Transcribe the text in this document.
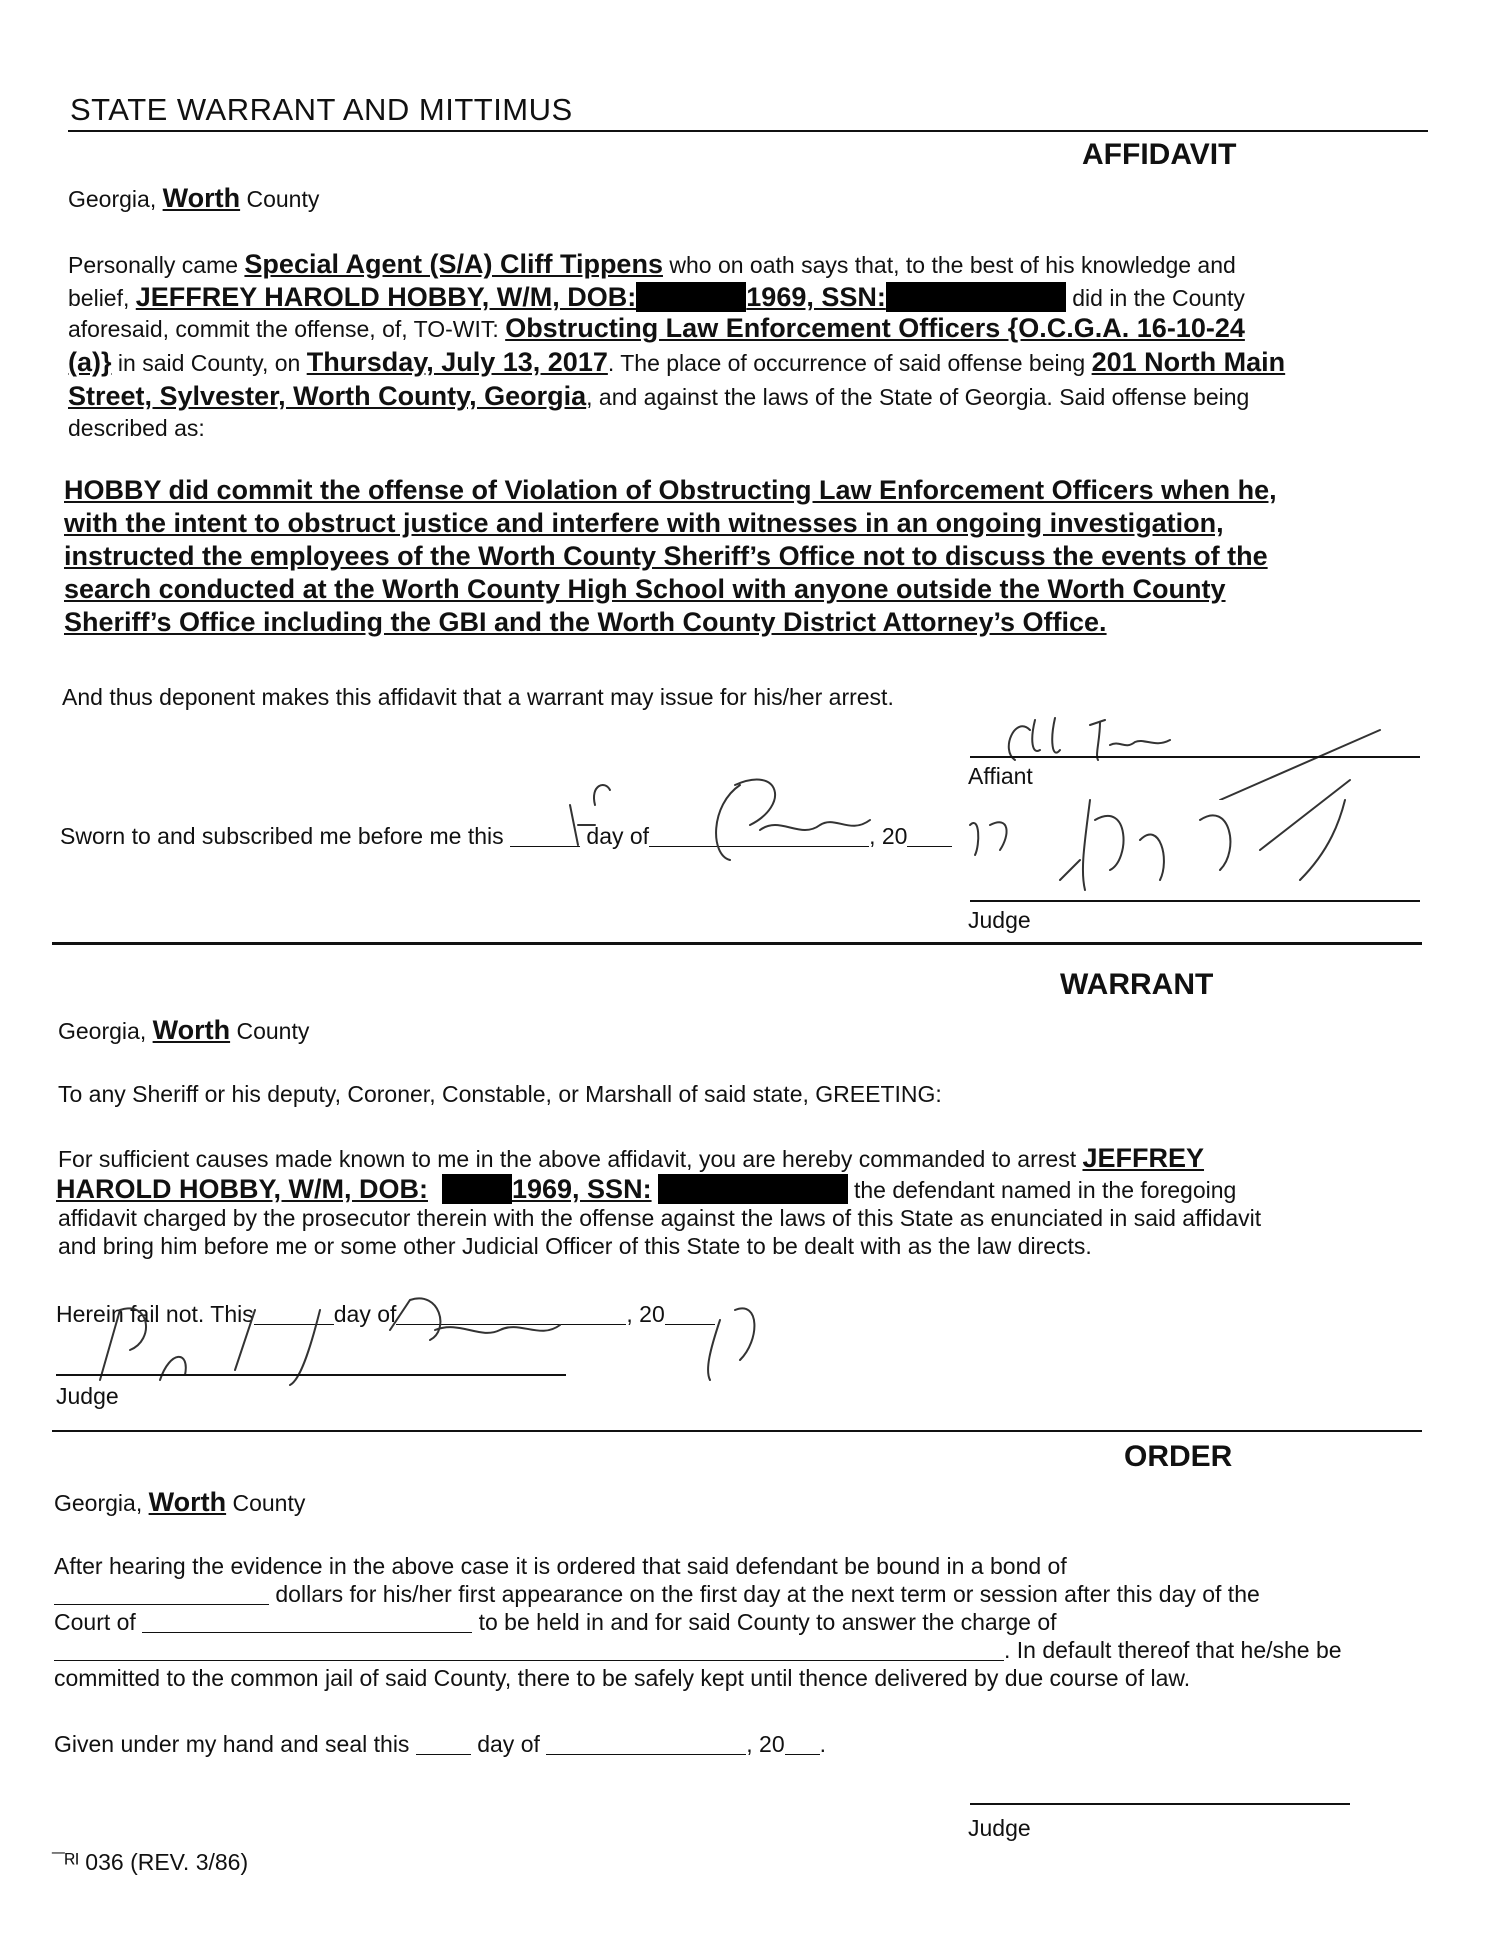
STATE WARRANT AND MITTIMUS
AFFIDAVIT
Georgia, Worth County
Personally came Special Agent (S/A) Cliff Tippens who on oath says that, to the best of his knowledge and
belief, JEFFREY HAROLD HOBBY, W/M, DOB:	1969, SSN:	did in the County
aforesaid, commit the offense, of, TO-WIT: Obstructing Law Enforcement Officers {O.C.G.A. 16-10-24
(a)} in said County, on Thursday, July 13, 2017. The place of occurrence of said offense being 201 North Main
Street, Sylvester, Worth County, Georgia, and against the laws of the State of Georgia. Said offense being
described as:
HOBBY did commit the offense of Violation of Obstructing Law Enforcement Officers when he,
with the intent to obstruct justice and interfere with witnesses in an ongoing investigation,
instructed the employees of the Worth County Sheriff’s Office not to discuss the events of the
search conducted at the Worth County High School with anyone outside the Worth County
Sheriff’s Office including the GBI and the Worth County District Attorney’s Office.
And thus deponent makes this affidavit that a warrant may issue for his/her arrest.
Affiant
Sworn to and subscribed me before me this	day of	, 20
Judge
WARRANT
Georgia, Worth County
To any Sheriff or his deputy, Coroner, Constable, or Marshall of said state, GREETING:
For sufficient causes made known to me in the above affidavit, you are hereby commanded to arrest JEFFREY
HAROLD HOBBY, W/M, DOB:	1969, SSN:	the defendant named in the foregoing
affidavit charged by the prosecutor therein with the offense against the laws of this State as enunciated in said affidavit
and bring him before me or some other Judicial Officer of this State to be dealt with as the law directs.
Herein fail not. This	day of	, 20
Judge
ORDER
Georgia, Worth County
After hearing the evidence in the above case it is ordered that said defendant be bound in a bond of
dollars for his/her first appearance on the first day at the next term or session after this day of the
Court of	to be held in and for said County to answer the charge of
. In default thereof that he/she be
committed to the common jail of said County, there to be safely kept until thence delivered by due course of law.
Given under my hand and seal this	day of	, 20 .
Judge
¯ᴿᴵ 036 (REV. 3/86)
